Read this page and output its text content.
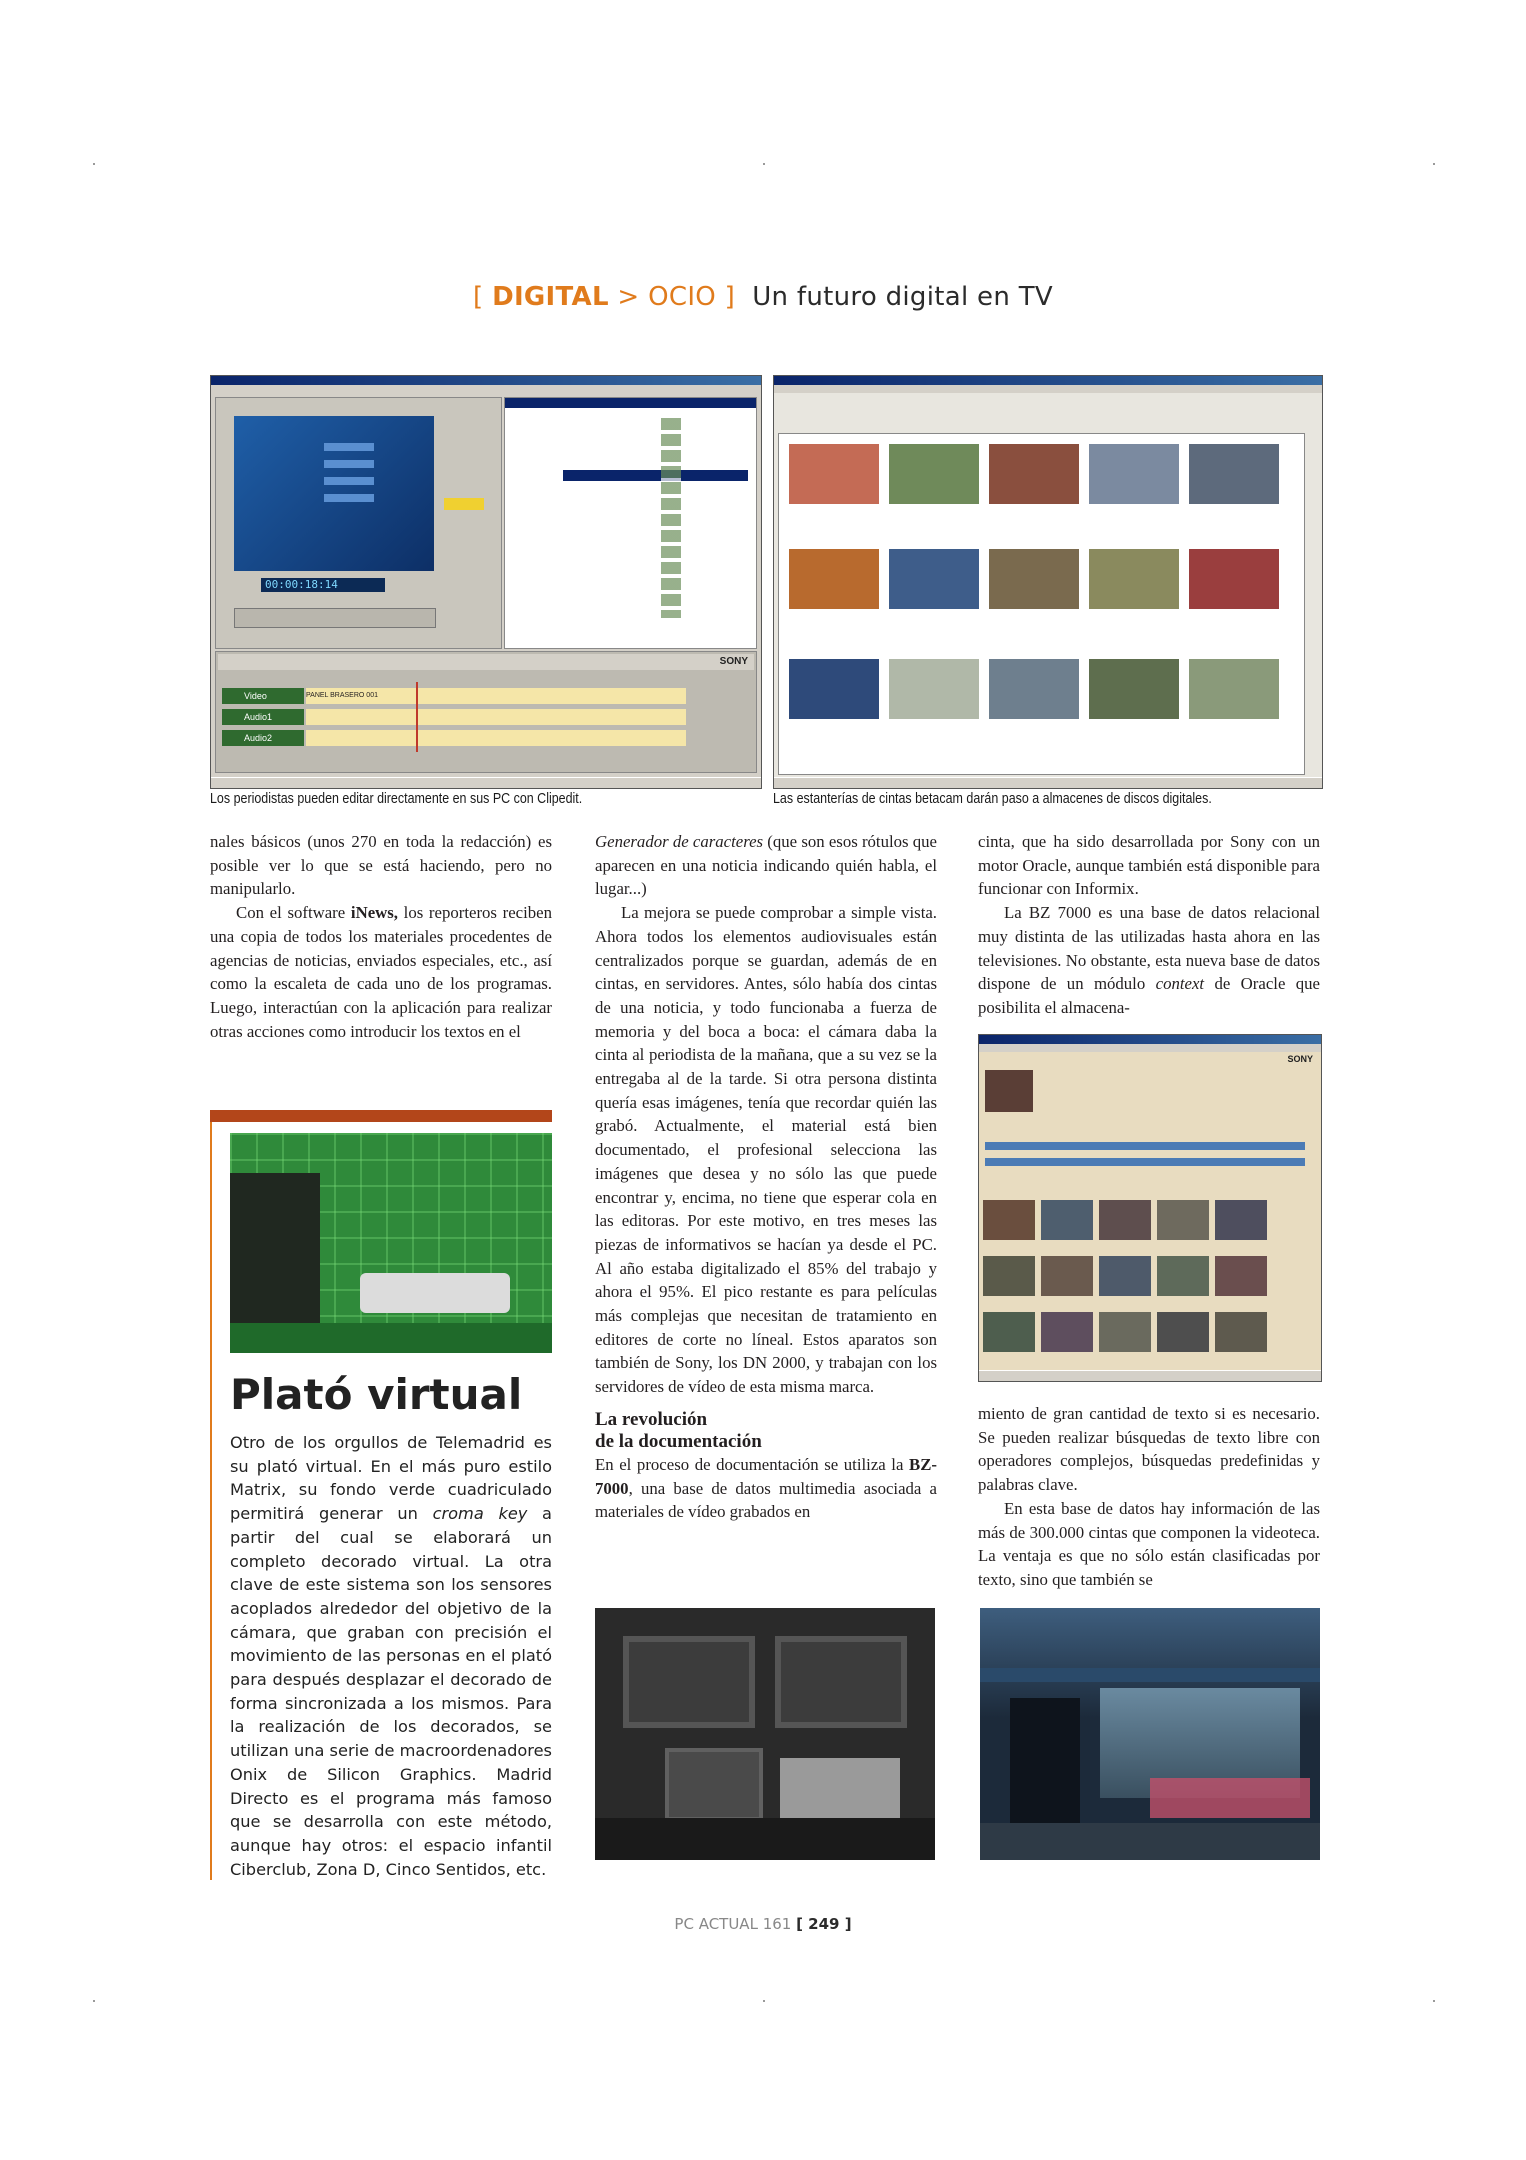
[ DIGITAL > OCIO ] Un futuro digital en TV
00:00:18:14
SONY
Video
Audio1
Audio2
PANEL BRASERO 001
Los periodistas pueden editar directamente en sus PC con Clipedit.	Las estanterías de cintas betacam darán paso a almacenes de discos digitales.

nales básicos (unos 270 en toda la redacción) es posible ver lo que se está haciendo, pero no manipularlo.

Con el software iNews, los reporteros reciben una copia de todos los materiales procedentes de agencias de noticias, enviados especiales, etc., así como la escaleta de cada uno de los programas. Luego, interactúan con la aplicación para realizar otras acciones como introducir los textos en el

Plató virtual
Otro de los orgullos de Telemadrid es su plató virtual. En el más puro estilo Matrix, su fondo verde cuadriculado permitirá generar un croma key a partir del cual se elaborará un completo decorado virtual. La otra clave de este sistema son los sensores acoplados alrededor del objetivo de la cámara, que graban con precisión el movimiento de las personas en el plató para después desplazar el decorado de forma sincronizada a los mismos. Para la realización de los decorados, se utilizan una serie de macroordenadores Onix de Silicon Graphics. Madrid Directo es el programa más famoso que se desarrolla con este método, aunque hay otros: el espacio infantil Ciberclub, Zona D, Cinco Sentidos, etc.

Generador de caracteres (que son esos rótulos que aparecen en una noticia indicando quién habla, el lugar...)

La mejora se puede comprobar a simple vista. Ahora todos los elementos audiovisuales están centralizados porque se guardan, además de en cintas, en servidores. Antes, sólo había dos cintas de una noticia, y todo funcionaba a fuerza de memoria y del boca a boca: el cámara daba la cinta al periodista de la mañana, que a su vez se la entregaba al de la tarde. Si otra persona distinta quería esas imágenes, tenía que recordar quién las grabó. Actualmente, el material está bien documentado, el profesional selecciona las imágenes que desea y no sólo las que puede encontrar y, encima, no tiene que esperar cola en las editoras. Por este motivo, en tres meses las piezas de informativos se hacían ya desde el PC. Al año estaba digitalizado el 85% del trabajo y ahora el 95%. El pico restante es para películas más complejas que necesitan de tratamiento en editores de corte no líneal. Estos aparatos son también de Sony, los DN 2000, y trabajan con los servidores de vídeo de esta misma marca.

La revolución
de la documentación

En el proceso de documentación se utiliza la BZ-7000, una base de datos multimedia asociada a materiales de vídeo grabados en

cinta, que ha sido desarrollada por Sony con un motor Oracle, aunque también está disponible para funcionar con Informix.

La BZ 7000 es una base de datos relacional muy distinta de las utilizadas hasta ahora en las televisiones. No obstante, esta nueva base de datos dispone de un módulo context de Oracle que posibilita el almacena-

SONY

miento de gran cantidad de texto si es necesario. Se pueden realizar búsquedas de texto libre con operadores complejos, búsquedas predefinidas y palabras clave.

En esta base de datos hay información de las más de 300.000 cintas que componen la videoteca. La ventaja es que no sólo están clasificadas por texto, sino que también se

PC ACTUAL 161 [ 249 ]
